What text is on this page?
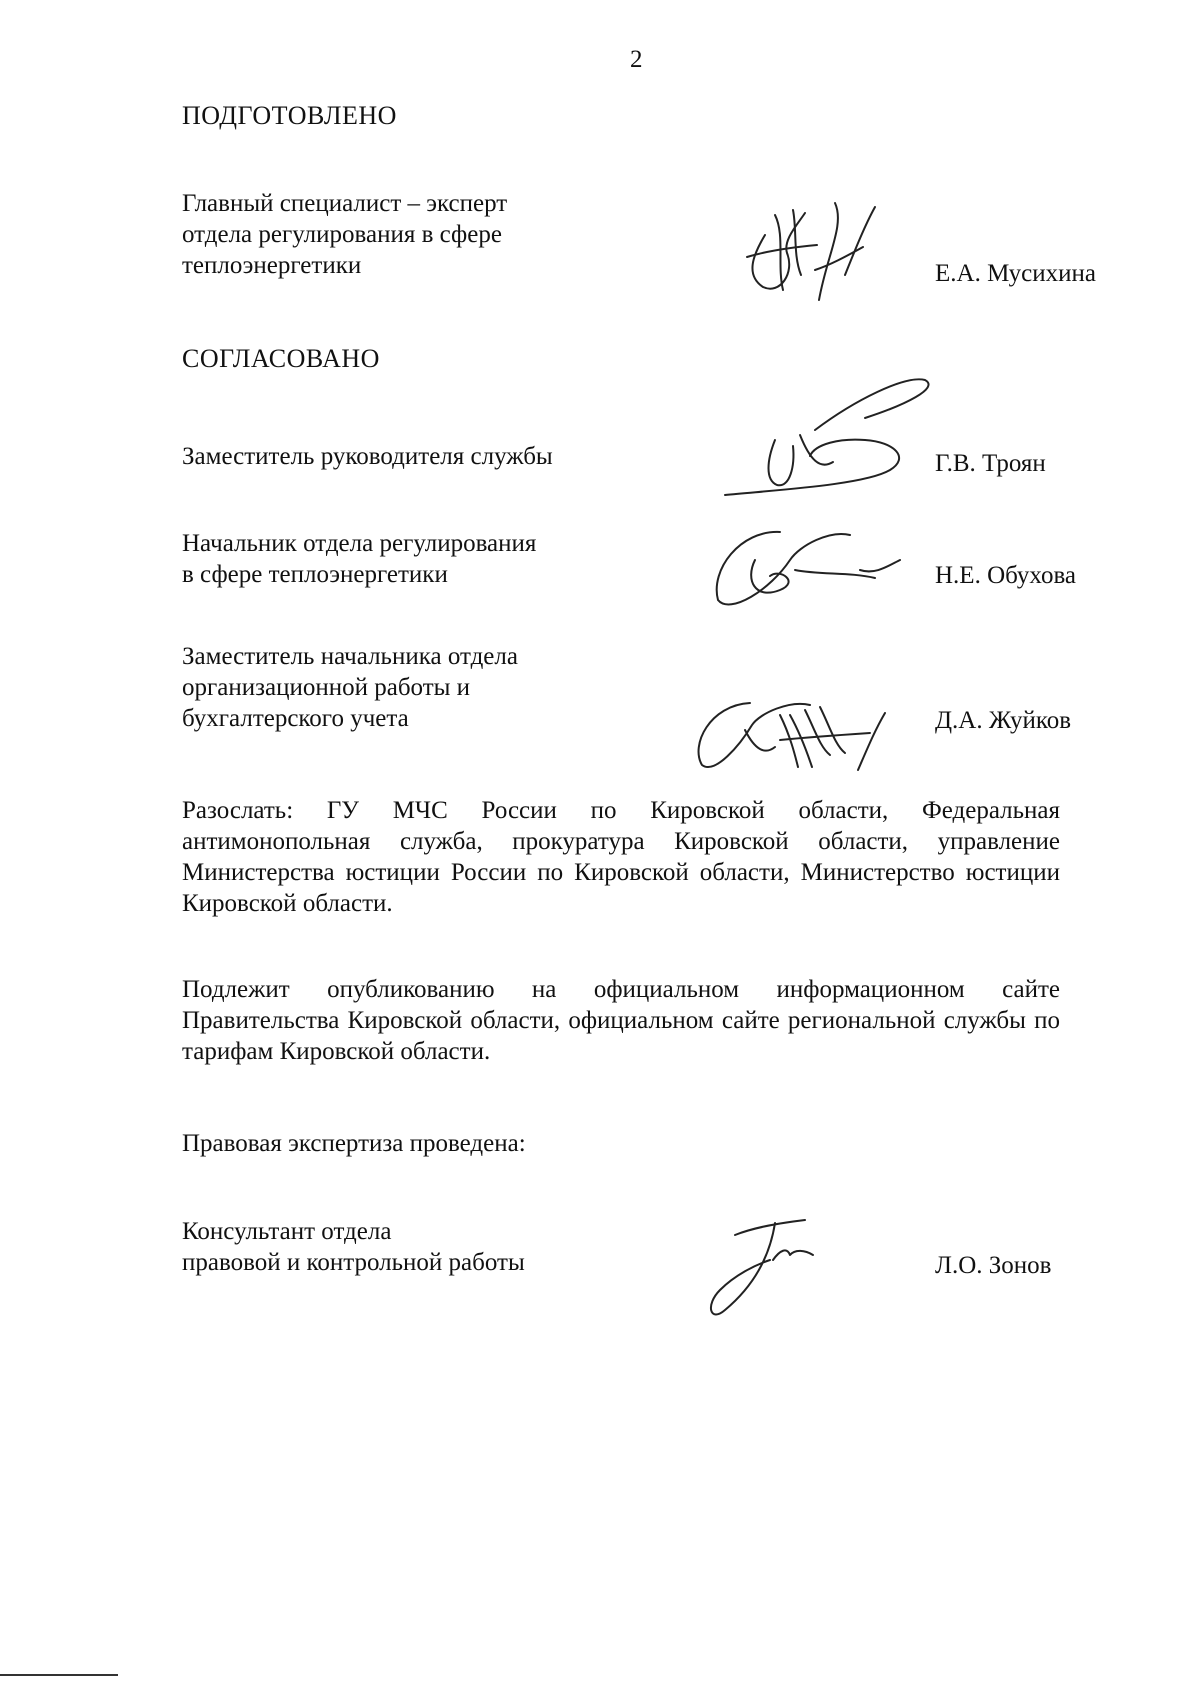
2
ПОДГОТОВЛЕНО
Главный специалист – эксперт
отдела регулирования в сфере
теплоэнергетики	Е.А. Мусихина
СОГЛАСОВАНО
Заместитель руководителя службы	Г.В. Троян
Начальник отдела регулирования
в сфере теплоэнергетики	Н.Е. Обухова
Заместитель начальника отдела
организационной работы и
бухгалтерского учета	Д.А. Жуйков
Разослать: ГУ МЧС России по Кировской области, Федеральная антимонопольная служба, прокуратура Кировской области, управление Министерства юстиции России по Кировской области, Министерство юстиции Кировской области.
Подлежит опубликованию на официальном информационном сайте Правительства Кировской области, официальном сайте региональной службы по тарифам Кировской области.
Правовая экспертиза проведена:
Консультант отдела
правовой и контрольной работы	Л.О. Зонов
